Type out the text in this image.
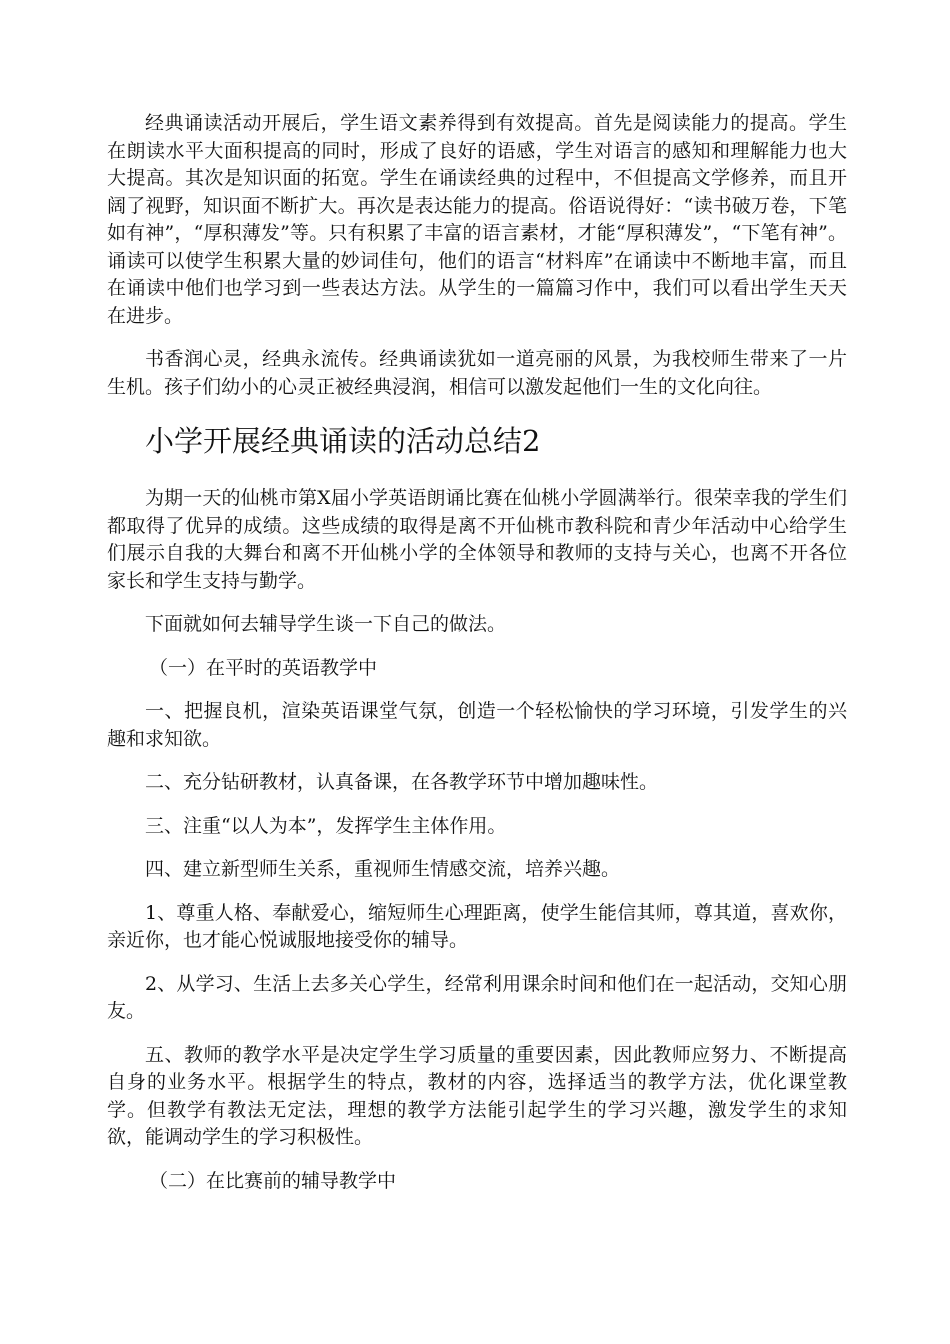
经典诵读活动开展后，学生语文素养得到有效提高。首先是阅读能力的提高。学生在朗读水平大面积提高的同时，形成了良好的语感，学生对语言的感知和理解能力也大大提高。其次是知识面的拓宽。学生在诵读经典的过程中，不但提高文学修养，而且开阔了视野，知识面不断扩大。再次是表达能力的提高。俗语说得好：“读书破万卷，下笔如有神”，“厚积薄发”等。只有积累了丰富的语言素材，才能“厚积薄发”，“下笔有神”。诵读可以使学生积累大量的妙词佳句，他们的语言“材料库”在诵读中不断地丰富，而且在诵读中他们也学习到一些表达方法。从学生的一篇篇习作中，我们可以看出学生天天在进步。

书香润心灵，经典永流传。经典诵读犹如一道亮丽的风景，为我校师生带来了一片生机。孩子们幼小的心灵正被经典浸润，相信可以激发起他们一生的文化向往。

小学开展经典诵读的活动总结2

为期一天的仙桃市第X届小学英语朗诵比赛在仙桃小学圆满举行。很荣幸我的学生们都取得了优异的成绩。这些成绩的取得是离不开仙桃市教科院和青少年活动中心给学生们展示自我的大舞台和离不开仙桃小学的全体领导和教师的支持与关心，也离不开各位家长和学生支持与勤学。

下面就如何去辅导学生谈一下自己的做法。

（一）在平时的英语教学中

一、把握良机，渲染英语课堂气氛，创造一个轻松愉快的学习环境，引发学生的兴趣和求知欲。

二、充分钻研教材，认真备课，在各教学环节中增加趣味性。

三、注重“以人为本”，发挥学生主体作用。

四、建立新型师生关系，重视师生情感交流，培养兴趣。

1、尊重人格、奉献爱心，缩短师生心理距离，使学生能信其师，尊其道，喜欢你，亲近你，也才能心悦诚服地接受你的辅导。

2、从学习、生活上去多关心学生，经常利用课余时间和他们在一起活动，交知心朋友。

五、教师的教学水平是决定学生学习质量的重要因素，因此教师应努力、不断提高自身的业务水平。根据学生的特点，教材的内容，选择适当的教学方法，优化课堂教学。但教学有教法无定法，理想的教学方法能引起学生的学习兴趣，激发学生的求知欲，能调动学生的学习积极性。

（二）在比赛前的辅导教学中
